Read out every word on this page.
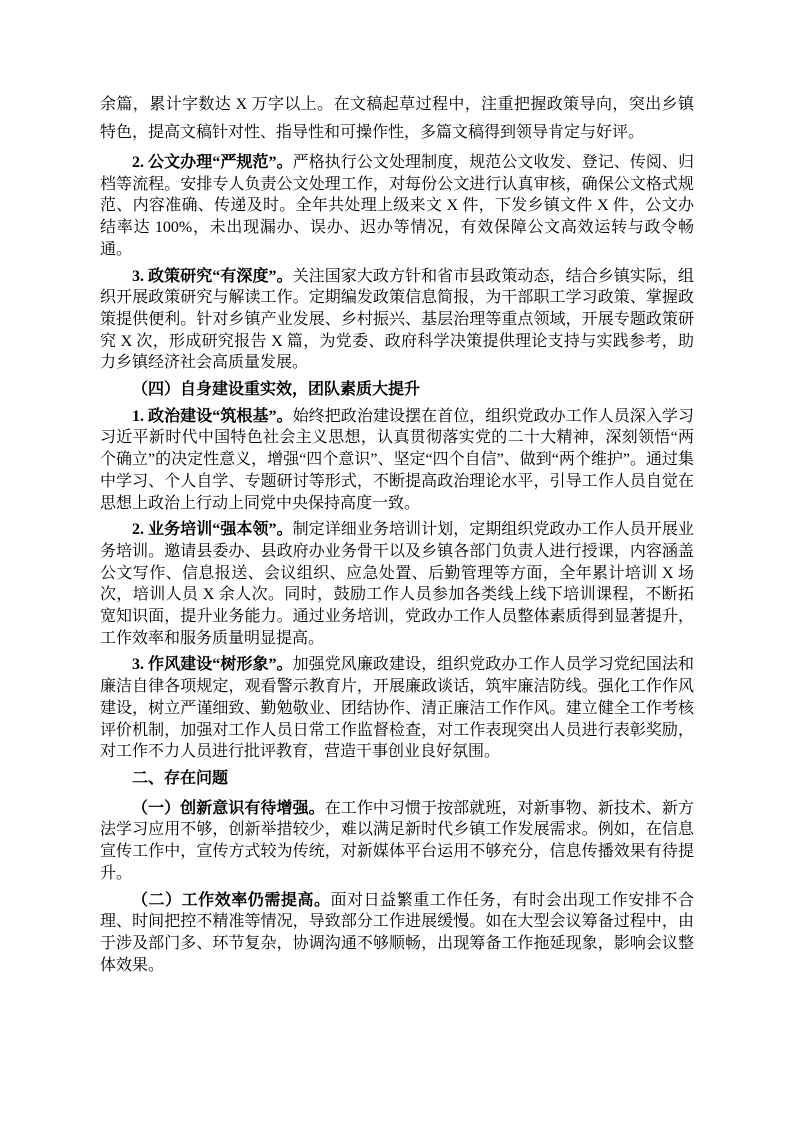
余篇，累计字数达 X 万字以上。在文稿起草过程中，注重把握政策导向，突出乡镇特色，提高文稿针对性、指导性和可操作性，多篇文稿得到领导肯定与好评。

2. 公文办理“严规范”。严格执行公文处理制度，规范公文收发、登记、传阅、归档等流程。安排专人负责公文处理工作，对每份公文进行认真审核，确保公文格式规范、内容准确、传递及时。全年共处理上级来文 X 件，下发乡镇文件 X 件，公文办结率达 100%，未出现漏办、误办、迟办等情况，有效保障公文高效运转与政令畅通。

3. 政策研究“有深度”。关注国家大政方针和省市县政策动态，结合乡镇实际，组织开展政策研究与解读工作。定期编发政策信息简报，为干部职工学习政策、掌握政策提供便利。针对乡镇产业发展、乡村振兴、基层治理等重点领域，开展专题政策研究 X 次，形成研究报告 X 篇，为党委、政府科学决策提供理论支持与实践参考，助力乡镇经济社会高质量发展。

（四）自身建设重实效，团队素质大提升

1. 政治建设“筑根基”。始终把政治建设摆在首位，组织党政办工作人员深入学习习近平新时代中国特色社会主义思想，认真贯彻落实党的二十大精神，深刻领悟“两个确立”的决定性意义，增强“四个意识”、坚定“四个自信”、做到“两个维护”。通过集中学习、个人自学、专题研讨等形式，不断提高政治理论水平，引导工作人员自觉在思想上政治上行动上同党中央保持高度一致。

2. 业务培训“强本领”。制定详细业务培训计划，定期组织党政办工作人员开展业务培训。邀请县委办、县政府办业务骨干以及乡镇各部门负责人进行授课，内容涵盖公文写作、信息报送、会议组织、应急处置、后勤管理等方面，全年累计培训 X 场次，培训人员 X 余人次。同时，鼓励工作人员参加各类线上线下培训课程，不断拓宽知识面，提升业务能力。通过业务培训，党政办工作人员整体素质得到显著提升，工作效率和服务质量明显提高。

3. 作风建设“树形象”。加强党风廉政建设，组织党政办工作人员学习党纪国法和廉洁自律各项规定，观看警示教育片，开展廉政谈话，筑牢廉洁防线。强化工作作风建设，树立严谨细致、勤勉敬业、团结协作、清正廉洁工作作风。建立健全工作考核评价机制，加强对工作人员日常工作监督检查，对工作表现突出人员进行表彰奖励，对工作不力人员进行批评教育，营造干事创业良好氛围。

二、存在问题

（一）创新意识有待增强。在工作中习惯于按部就班，对新事物、新技术、新方法学习应用不够，创新举措较少，难以满足新时代乡镇工作发展需求。例如，在信息宣传工作中，宣传方式较为传统，对新媒体平台运用不够充分，信息传播效果有待提升。

（二）工作效率仍需提高。面对日益繁重工作任务，有时会出现工作安排不合理、时间把控不精准等情况，导致部分工作进展缓慢。如在大型会议筹备过程中，由于涉及部门多、环节复杂，协调沟通不够顺畅，出现筹备工作拖延现象，影响会议整体效果。
